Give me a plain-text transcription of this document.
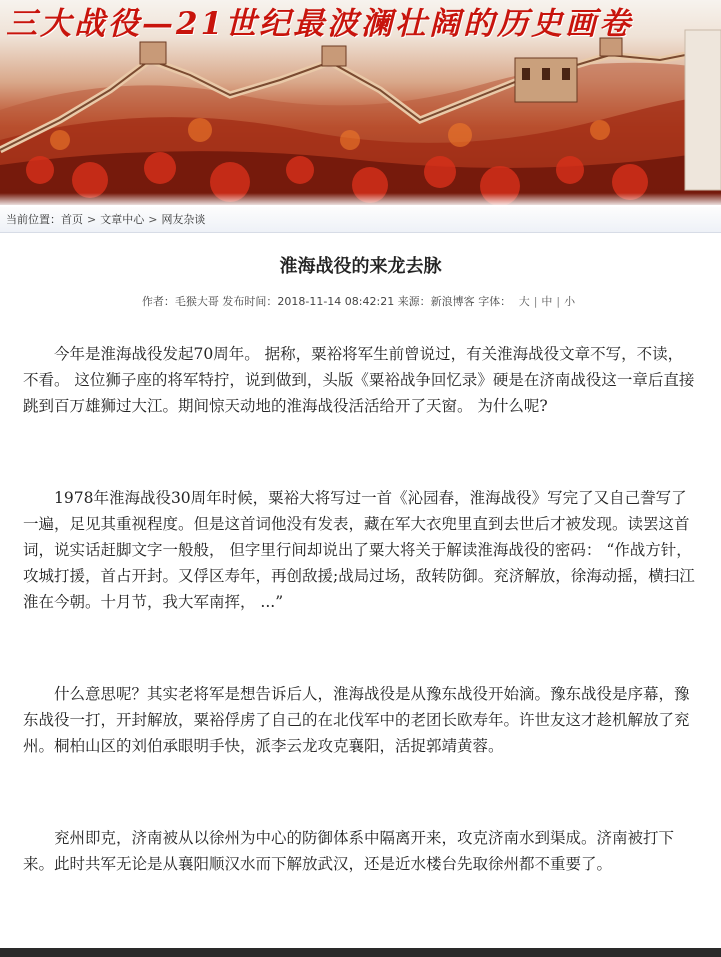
三大战役—21世纪最波澜壮阔的历史画卷
当前位置：首页 > 文章中心 > 网友杂谈
淮海战役的来龙去脉
作者：毛猴大哥 发布时间：2018-11-14 08:42:21 来源：新浪博客 字体： 大 | 中 | 小

今年是淮海战役发起70周年。 据称，粟裕将军生前曾说过，有关淮海战役文章不写，不读，不看。 这位狮子座的将军特拧，说到做到，头版《粟裕战争回忆录》硬是在济南战役这一章后直接跳到百万雄狮过大江。期间惊天动地的淮海战役活活给开了天窗。 为什么呢?

1978年淮海战役30周年时候，粟裕大将写过一首《沁园春，淮海战役》写完了又自己誊写了一遍，足见其重视程度。但是这首词他没有发表，藏在军大衣兜里直到去世后才被发现。读罢这首词，说实话赶脚文字一般般， 但字里行间却说出了粟大将关于解读淮海战役的密码： “作战方针，攻城打援，首占开封。又俘区寿年，再创敌援;战局过场，敌转防御。兖济解放，徐海动摇，横扫江淮在今朝。十月节，我大军南挥， ...”

什么意思呢？其实老将军是想告诉后人，淮海战役是从豫东战役开始滴。豫东战役是序幕，豫东战役一打，开封解放，粟裕俘虏了自己的在北伐军中的老团长欧寿年。许世友这才趁机解放了兖州。桐柏山区的刘伯承眼明手快，派李云龙攻克襄阳，活捉郭靖黄蓉。

兖州即克，济南被从以徐州为中心的防御体系中隔离开来，攻克济南水到渠成。济南被打下来。此时共军无论是从襄阳顺汉水而下解放武汉，还是近水楼台先取徐州都不重要了。
